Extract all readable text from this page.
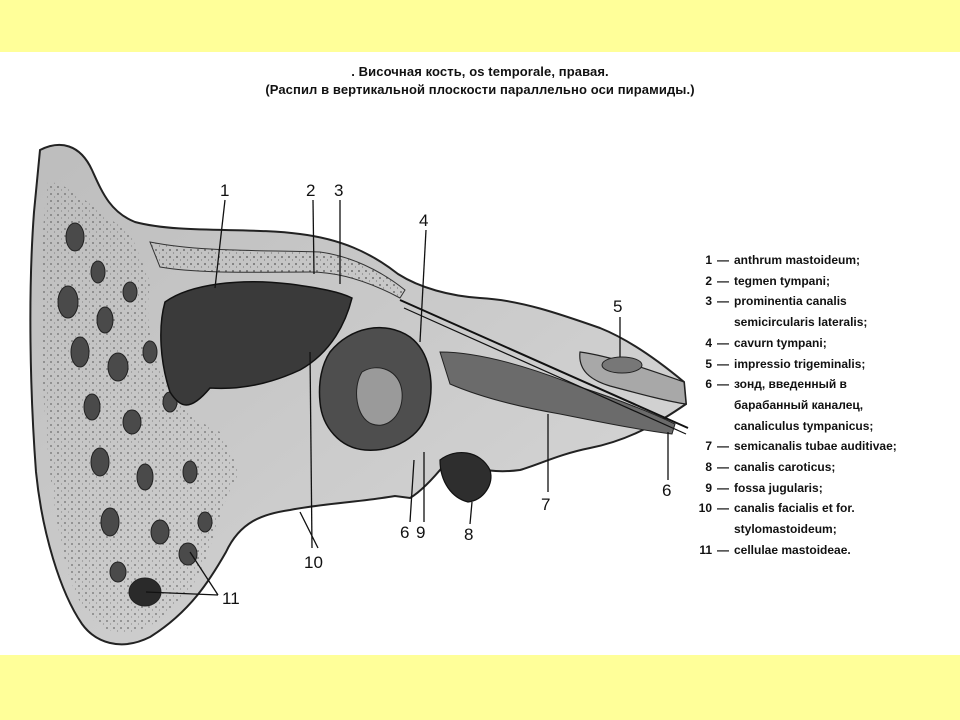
. Височная кость, os temporale, правая.
(Распил в вертикальной плоскости параллельно оси пирамиды.)
1	2 3
4
5
6
7
8
6 9
10
11
1 — anthrum mastoideum;
2 — tegmen tympani;
3 — prominentia canalis
semicircularis lateralis;
4 — cavurn tympani;
5 — impressio trigeminalis;
6 — зонд, введенный в
барабанный каналец,
canaliculus tympanicus;
7 — semicanalis tubae auditivae;
8 — canalis caroticus;
9 — fossa jugularis;
10 — canalis facialis et for.
stylomastoideum;
11 — cellulae mastoideae.
